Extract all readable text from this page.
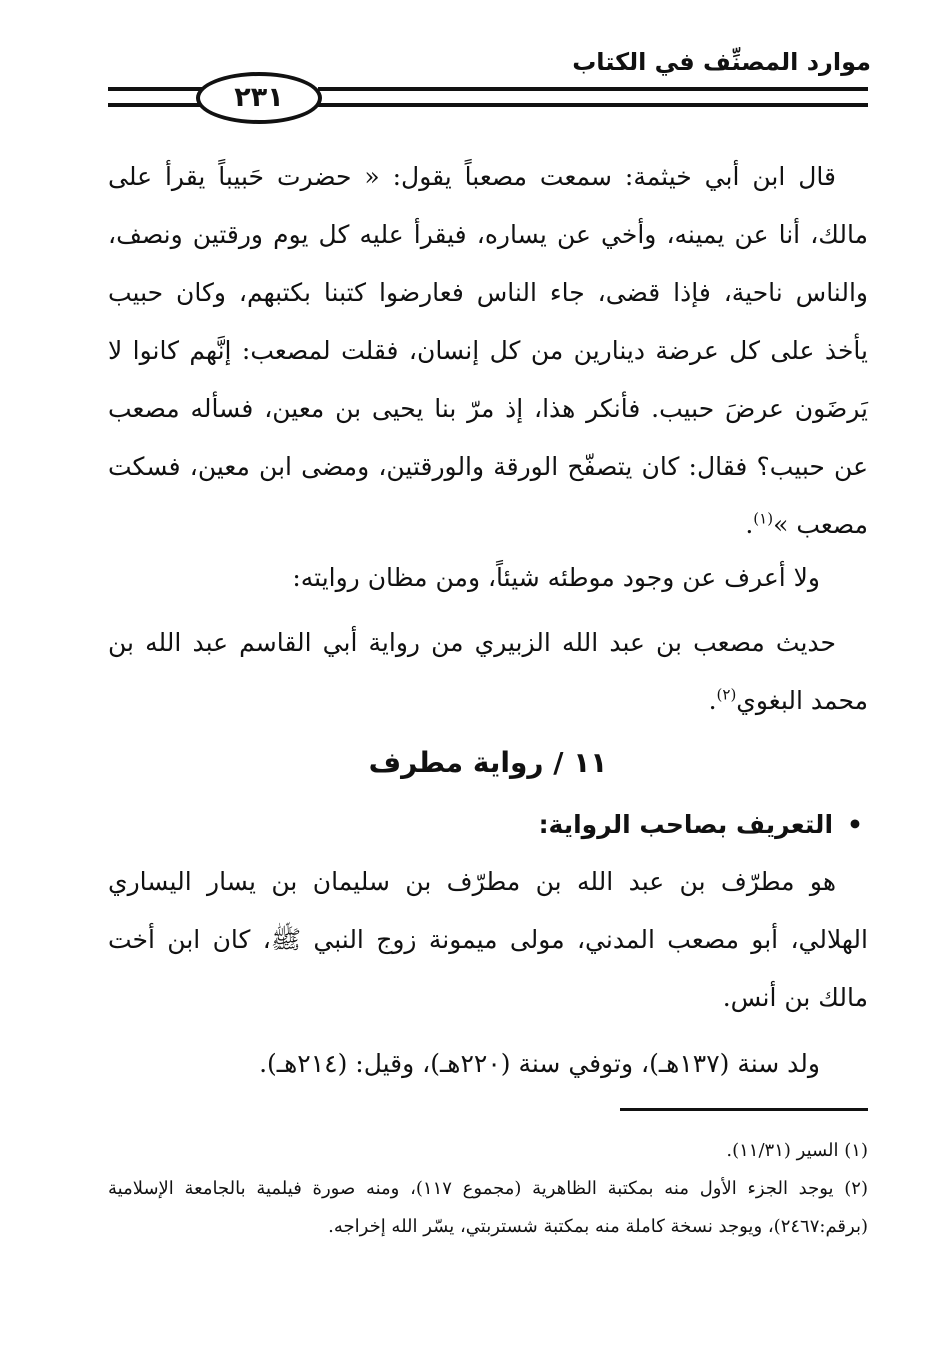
موارد المصنِّف في الكتاب
٢٣١

قال ابن أبي خيثمة: سمعت مصعباً يقول: « حضرت حَبيباً يقرأ على مالك، أنا عن يمينه، وأخي عن يساره، فيقرأ عليه كل يوم ورقتين ونصف، والناس ناحية، فإذا قضى، جاء الناس فعارضوا كتبنا بكتبهم، وكان حبيب يأخذ على كل عرضة دينارين من كل إنسان، فقلت لمصعب: إنَّهم كانوا لا يَرضَون عرضَ حبيب. فأنكر هذا، إذ مرّ بنا يحيى بن معين، فسأله مصعب عن حبيب؟ فقال: كان يتصفّح الورقة والورقتين، ومضى ابن معين، فسكت مصعب »$^{(١)}$.

ولا أعرف عن وجود موطئه شيئاً، ومن مظان روايته:

حديث مصعب بن عبد الله الزبيري من رواية أبي القاسم عبد الله بن محمد البغوي$^{(٢)}$.

١١ / رواية مطرف
•التعريف بصاحب الرواية:

هو مطرّف بن عبد الله بن مطرّف بن سليمان بن يسار اليساري الهلالي، أبو مصعب المدني، مولى ميمونة زوج النبي ﷺ، كان ابن أخت مالك بن أنس.

ولد سنة (١٣٧هـ)، وتوفي سنة (٢٢٠هـ)، وقيل: (٢١٤هـ).

(١) السير (١١/٣١).

(٢) يوجد الجزء الأول منه بمكتبة الظاهرية (مجموع ١١٧)، ومنه صورة فيلمية بالجامعة الإسلامية (برقم:٢٤٦٧)، ويوجد نسخة كاملة منه بمكتبة شستربتي، يسّر الله إخراجه.
